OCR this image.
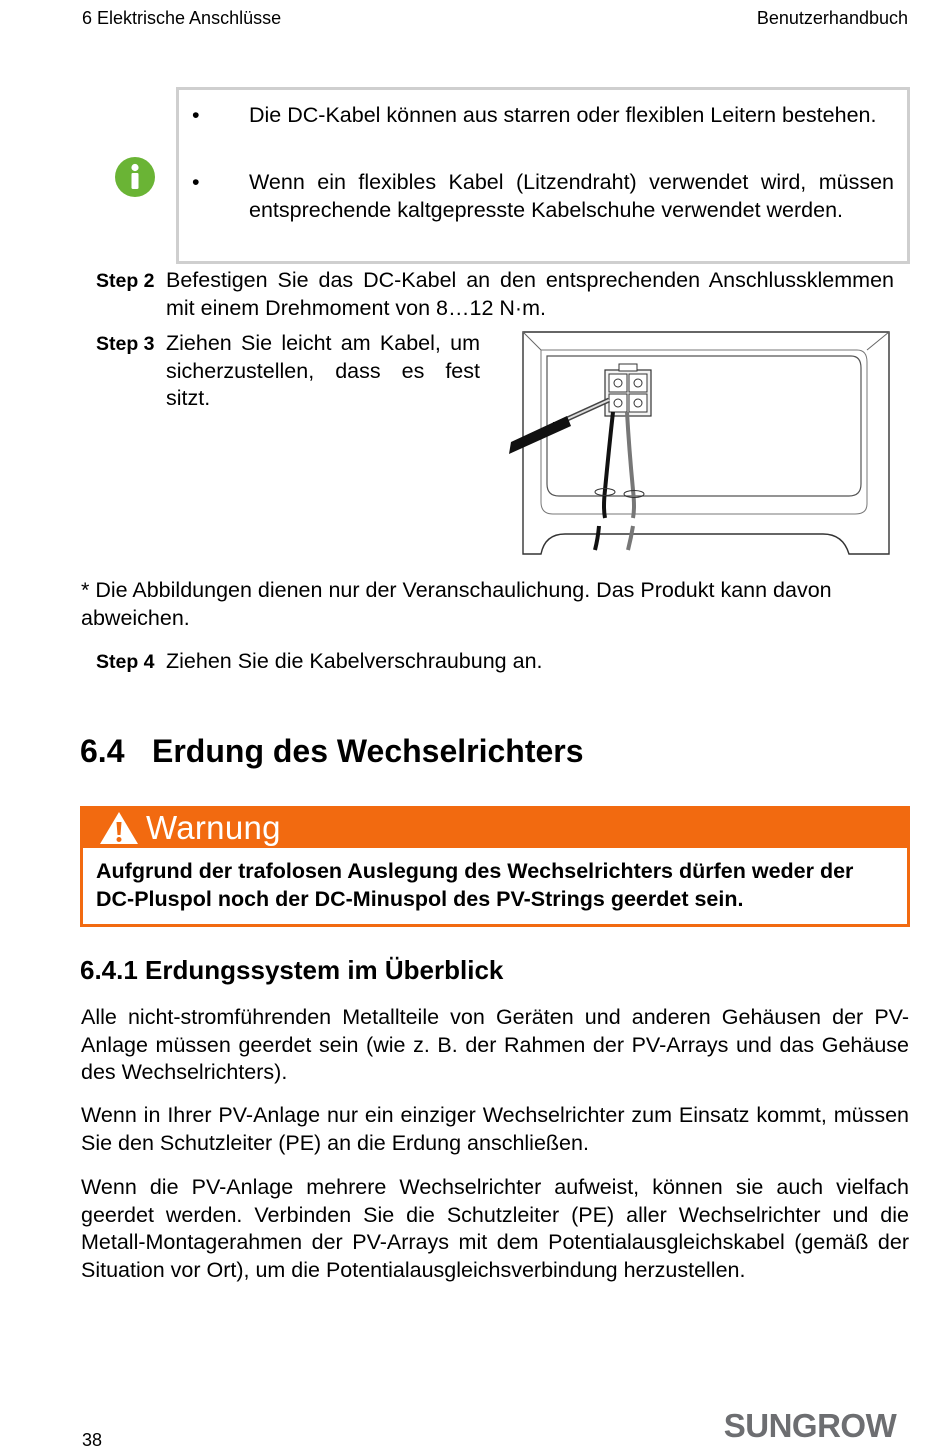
6 Elektrische Anschlüsse	Benutzerhandbuch
• Die DC-Kabel können aus starren oder flexiblen Leitern bestehen.
• Wenn ein flexibles Kabel (Litzendraht) verwendet wird, müssen entsprechende kaltgepresste Kabelschuhe verwendet werden.
Step 2 Befestigen Sie das DC-Kabel an den entsprechenden Anschlussklemmen mit einem Drehmoment von 8…12 N·m.
Step 3 Ziehen Sie leicht am Kabel, um sicherzustellen, dass es fest sitzt.
* Die Abbildungen dienen nur der Veranschaulichung. Das Produkt kann davon abweichen.
Step 4 Ziehen Sie die Kabelverschraubung an.
6.4 Erdung des Wechselrichters
Warnung
Aufgrund der trafolosen Auslegung des Wechselrichters dürfen weder der DC-Pluspol noch der DC-Minuspol des PV-Strings geerdet sein.
6.4.1 Erdungssystem im Überblick
Alle nicht-stromführenden Metallteile von Geräten und anderen Gehäusen der PV-Anlage müssen geerdet sein (wie z. B. der Rahmen der PV-Arrays und das Gehäuse des Wechselrichters).
Wenn in Ihrer PV-Anlage nur ein einziger Wechselrichter zum Einsatz kommt, müssen Sie den Schutzleiter (PE) an die Erdung anschließen.
Wenn die PV-Anlage mehrere Wechselrichter aufweist, können sie auch vielfach geerdet werden. Verbinden Sie die Schutzleiter (PE) aller Wechselrichter und die Metall-Montagerahmen der PV-Arrays mit dem Potentialausgleichskabel (gemäß der Situation vor Ort), um die Potentialausgleichsverbindung herzustellen.
38	SUNGROW
